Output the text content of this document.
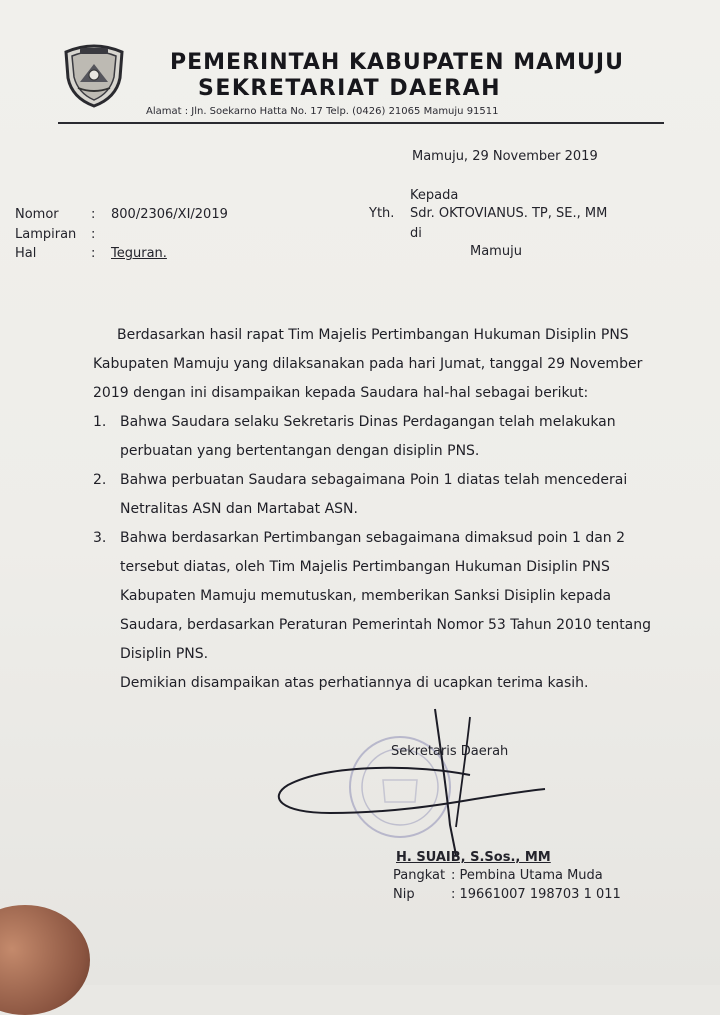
PEMERINTAH KABUPATEN MAMUJU
SEKRETARIAT DAERAH
Alamat : Jln. Soekarno Hatta No. 17 Telp. (0426) 21065 Mamuju 91511
Mamuju, 29 November 2019
Kepada
Yth. Sdr. OKTOVIANUS. TP, SE., MM
di
Mamuju
Nomor : 800/2306/XI/2019
Lampiran :
Hal	: Teguran.
Berdasarkan hasil rapat Tim Majelis Pertimbangan Hukuman Disiplin PNS
Kabupaten Mamuju yang dilaksanakan pada hari Jumat, tanggal 29 November
2019 dengan ini disampaikan kepada Saudara hal-hal sebagai berikut:
1. Bahwa Saudara selaku Sekretaris Dinas Perdagangan telah melakukan
perbuatan yang bertentangan dengan disiplin PNS.
2. Bahwa perbuatan Saudara sebagaimana Poin 1 diatas telah mencederai
Netralitas ASN dan Martabat ASN.
3. Bahwa berdasarkan Pertimbangan sebagaimana dimaksud poin 1 dan 2
tersebut diatas, oleh Tim Majelis Pertimbangan Hukuman Disiplin PNS
Kabupaten Mamuju memutuskan, memberikan Sanksi Disiplin kepada
Saudara, berdasarkan Peraturan Pemerintah Nomor 53 Tahun 2010 tentang
Disiplin PNS.
Demikian disampaikan atas perhatiannya di ucapkan terima kasih.
Sekretaris Daerah
H. SUAIB, S.Sos., MM
Pangkat : Pembina Utama Muda
Nip	: 19661007 198703 1 011
